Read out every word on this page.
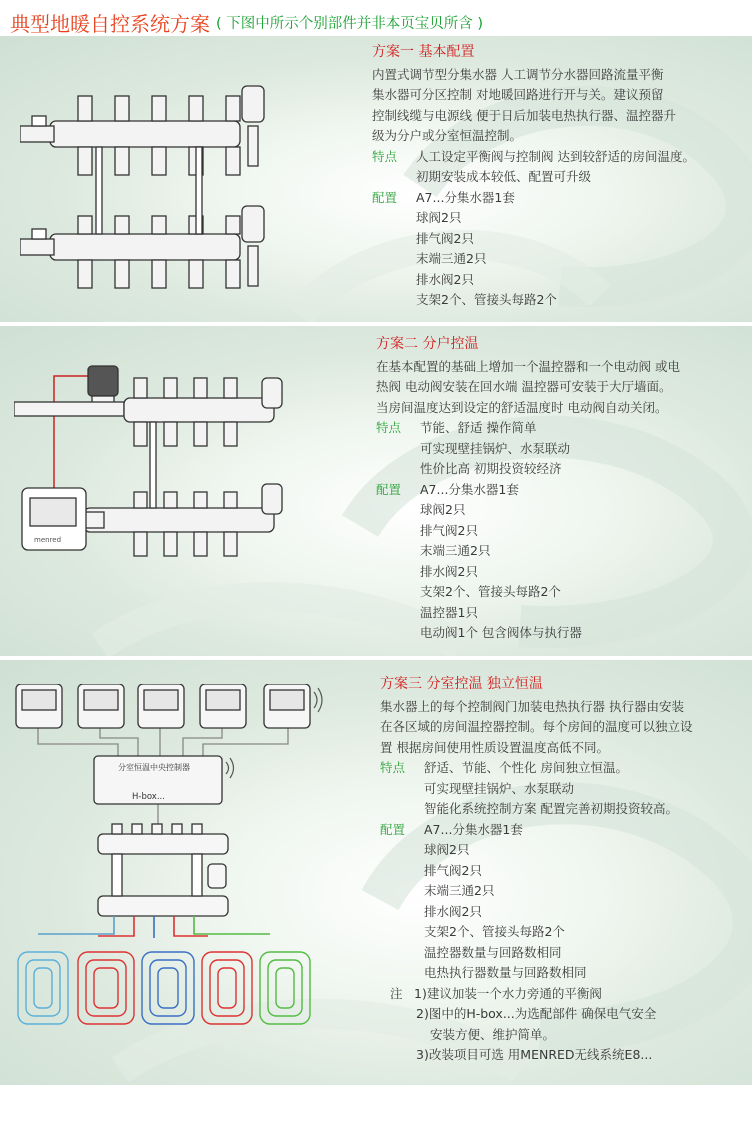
典型地暖自控系统方案 ( 下图中所示个别部件并非本页宝贝所含 )
方案一 基本配置
内置式调节型分集水器 人工调节分水器回路流量平衡
集水器可分区控制 对地暖回路进行开与关。建议预留
控制线缆与电源线 便于日后加装电热执行器、温控器升
级为分户或分室恒温控制。
特点 人工设定平衡阀与控制阀 达到较舒适的房间温度。
初期安装成本较低、配置可升级
配置 A7...分集水器1套
球阀2只
排气阀2只
末端三通2只
排水阀2只
支架2个、管接头每路2个
menred
方案二 分户控温
在基本配置的基础上增加一个温控器和一个电动阀 或电
热阀 电动阀安装在回水端 温控器可安装于大厅墙面。
当房间温度达到设定的舒适温度时 电动阀自动关闭。
特点 节能、舒适 操作简单
可实现壁挂锅炉、水泵联动
性价比高 初期投资较经济
配置 A7...分集水器1套
球阀2只
排气阀2只
末端三通2只
排水阀2只
支架2个、管接头每路2个
温控器1只
电动阀1个 包含阀体与执行器
分室恒温中央控制器
H-box...
方案三 分室控温 独立恒温
集水器上的每个控制阀门加装电热执行器 执行器由安装
在各区域的房间温控器控制。每个房间的温度可以独立设
置 根据房间使用性质设置温度高低不同。
特点 舒适、节能、个性化 房间独立恒温。
可实现壁挂锅炉、水泵联动
智能化系统控制方案 配置完善初期投资较高。
配置 A7...分集水器1套
球阀2只
排气阀2只
末端三通2只
排水阀2只
支架2个、管接头每路2个
温控器数量与回路数相同
电热执行器数量与回路数相同
注 1)建议加装一个水力旁通的平衡阀
2)图中的H-box...为选配部件 确保电气安全
安装方便、维护简单。
3)改装项目可选 用MENRED无线系统E8...
